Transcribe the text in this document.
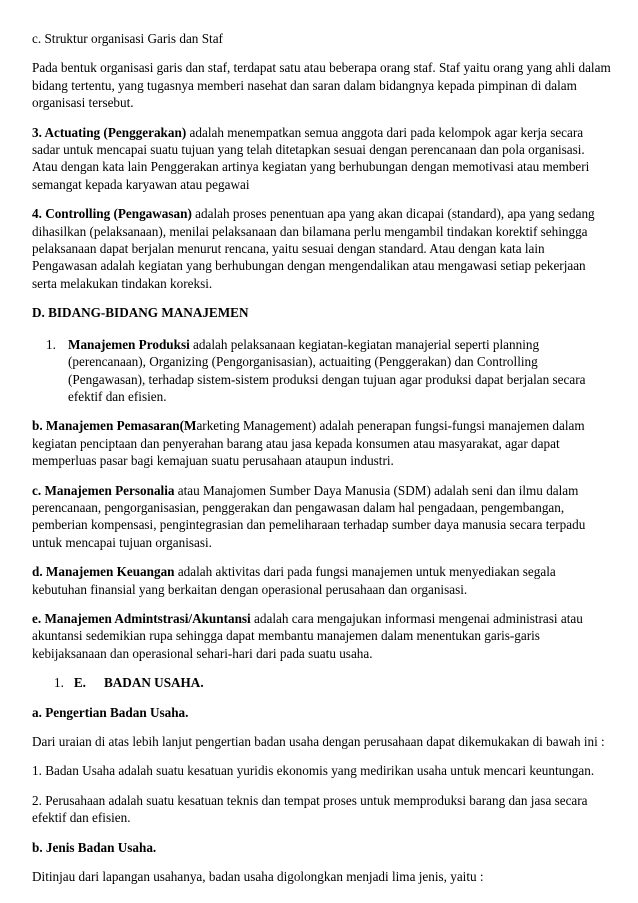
c. Struktur organisasi Garis dan Staf

Pada bentuk organisasi garis dan staf, terdapat satu atau beberapa orang staf. Staf yaitu orang yang ahli dalam bidang tertentu, yang tugasnya memberi nasehat dan saran dalam bidangnya kepada pimpinan di dalam organisasi tersebut.

3. Actuating (Penggerakan) adalah menempatkan semua anggota dari pada kelompok agar kerja secara sadar untuk mencapai suatu tujuan yang telah ditetapkan sesuai dengan perencanaan dan pola organisasi. Atau dengan kata lain Penggerakan artinya kegiatan yang berhubungan dengan memotivasi atau memberi semangat kepada karyawan atau pegawai

4. Controlling (Pengawasan) adalah proses penentuan apa yang akan dicapai (standard), apa yang sedang dihasilkan (pelaksanaan), menilai pelaksanaan dan bilamana perlu mengambil tindakan korektif sehingga pelaksanaan dapat berjalan menurut rencana, yaitu sesuai dengan standard. Atau dengan kata lain Pengawasan adalah kegiatan yang berhubungan dengan mengendalikan atau mengawasi setiap pekerjaan serta melakukan tindakan koreksi.

D. BIDANG-BIDANG MANAJEMEN

1. Manajemen Produksi adalah pelaksanaan kegiatan-kegiatan manajerial seperti planning (perencanaan), Organizing (Pengorganisasian), actuaiting (Penggerakan) dan Controlling (Pengawasan), terhadap sistem-sistem produksi dengan tujuan agar produksi dapat berjalan secara efektif dan efisien.

b. Manajemen Pemasaran(Marketing Management) adalah penerapan fungsi-fungsi manajemen dalam kegiatan penciptaan dan penyerahan barang atau jasa kepada konsumen atau masyarakat, agar dapat memperluas pasar bagi kemajuan suatu perusahaan ataupun industri.

c. Manajemen Personalia atau Manajomen Sumber Daya Manusia (SDM) adalah seni dan ilmu dalam perencanaan, pengorganisasian, penggerakan dan pengawasan dalam hal pengadaan, pengembangan, pemberian kompensasi, pengintegrasian dan pemeliharaan terhadap sumber daya manusia secara terpadu untuk mencapai tujuan organisasi.

d. Manajemen Keuangan adalah aktivitas dari pada fungsi manajemen untuk menyediakan segala kebutuhan finansial yang berkaitan dengan operasional perusahaan dan organisasi.

e. Manajemen Admintstrasi/Akuntansi adalah cara mengajukan informasi mengenai administrasi atau akuntansi sedemikian rupa sehingga dapat membantu manajemen dalam menentukan garis-garis kebijaksanaan dan operasional sehari-hari dari pada suatu usaha.

1. E. BADAN USAHA.

a. Pengertian Badan Usaha.

Dari uraian di atas lebih lanjut pengertian badan usaha dengan perusahaan dapat dikemukakan di bawah ini :

1. Badan Usaha adalah suatu kesatuan yuridis ekonomis yang medirikan usaha untuk mencari keuntungan.

2. Perusahaan adalah suatu kesatuan teknis dan tempat proses untuk memproduksi barang dan jasa secara efektif dan efisien.

b. Jenis Badan Usaha.

Ditinjau dari lapangan usahanya, badan usaha digolongkan menjadi lima jenis, yaitu :
